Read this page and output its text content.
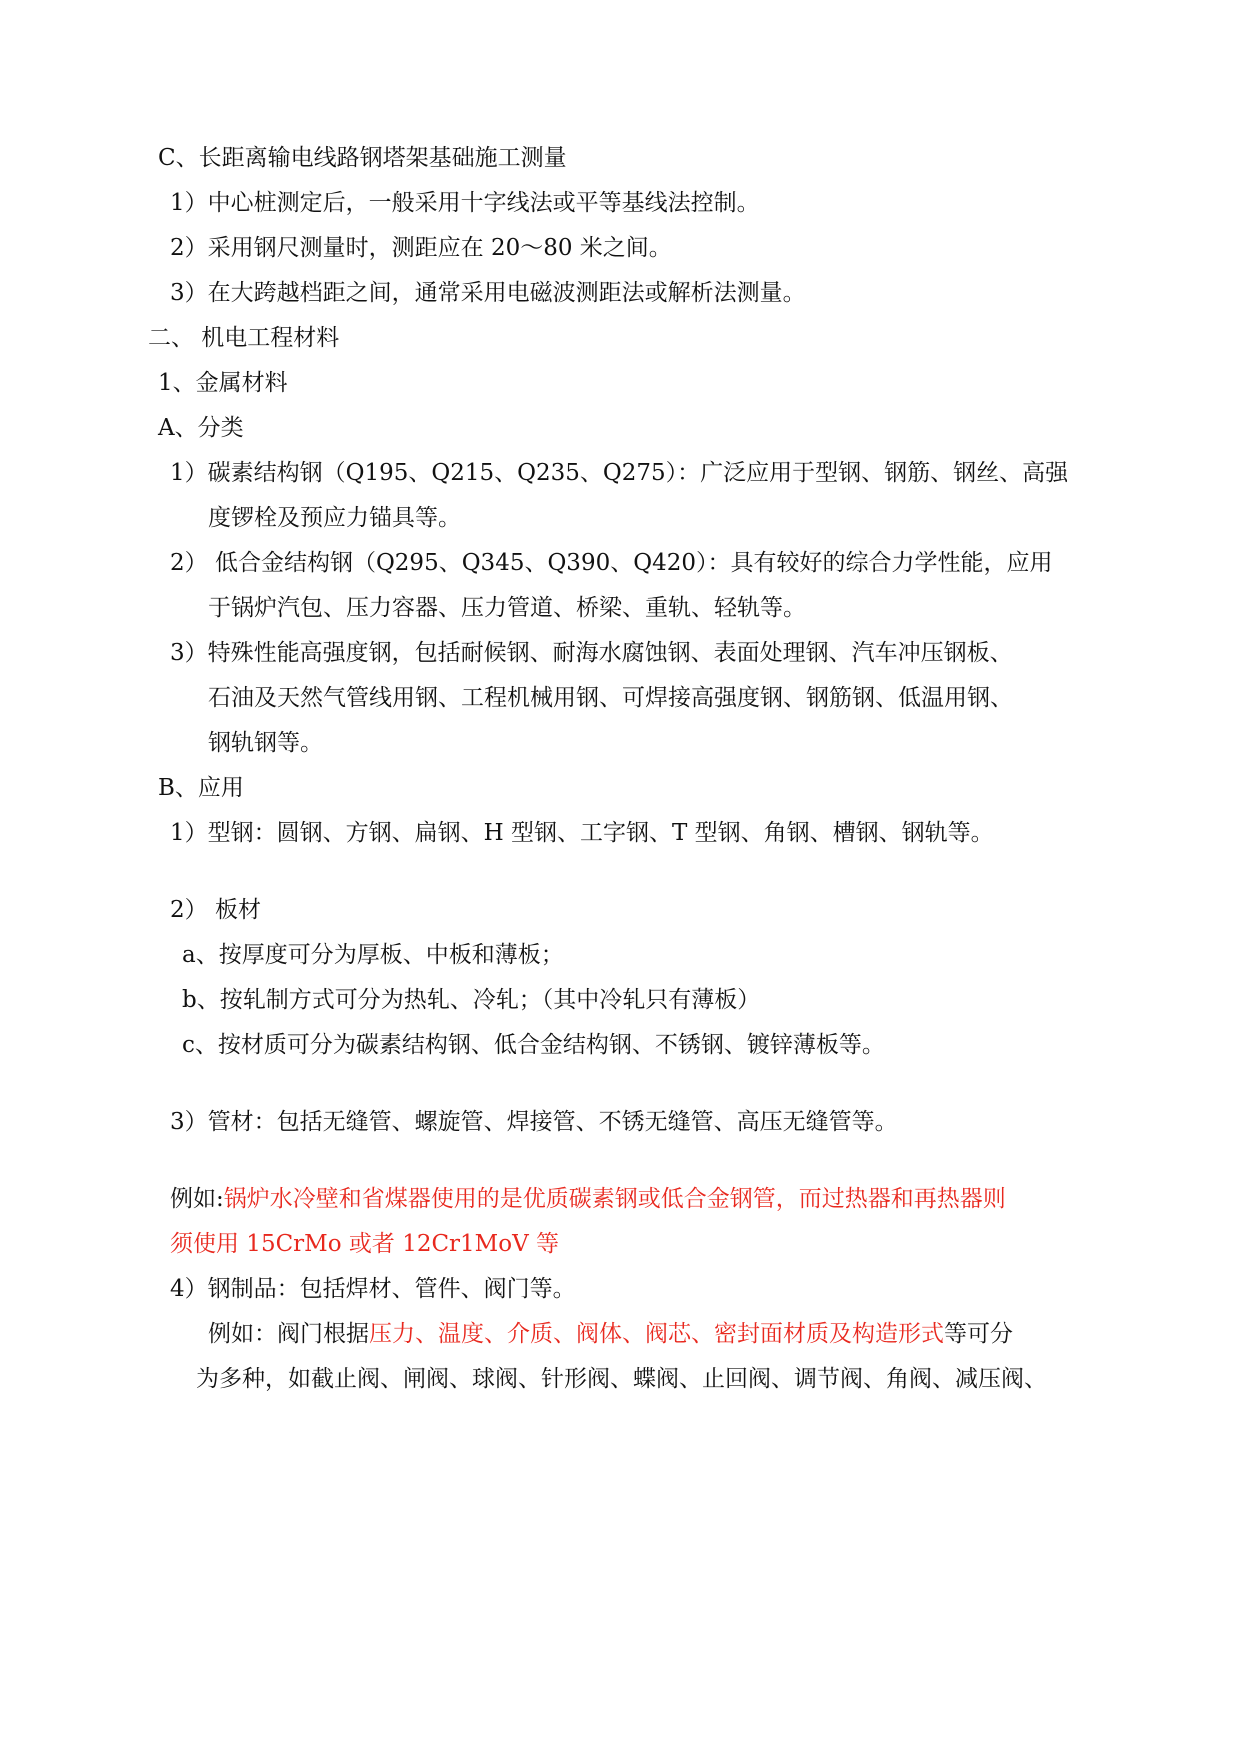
C、长距离输电线路钢塔架基础施工测量
1）中心桩测定后，一般采用十字线法或平等基线法控制。
2）采用钢尺测量时，测距应在 20～80 米之间。
3）在大跨越档距之间，通常采用电磁波测距法或解析法测量。
二、 机电工程材料
1、金属材料
A、分类
1）碳素结构钢（Q195、Q215、Q235、Q275）：广泛应用于型钢、钢筋、钢丝、高强
度锣栓及预应力锚具等。
2） 低合金结构钢（Q295、Q345、Q390、Q420）：具有较好的综合力学性能，应用
于锅炉汽包、压力容器、压力管道、桥梁、重轨、轻轨等。
3）特殊性能高强度钢，包括耐候钢、耐海水腐蚀钢、表面处理钢、汽车冲压钢板、
石油及天然气管线用钢、工程机械用钢、可焊接高强度钢、钢筋钢、低温用钢、
钢轨钢等。
B、应用
1）型钢：圆钢、方钢、扁钢、H 型钢、工字钢、T 型钢、角钢、槽钢、钢轨等。
2） 板材
a、按厚度可分为厚板、中板和薄板；
b、按轧制方式可分为热轧、冷轧；（其中冷轧只有薄板）
c、按材质可分为碳素结构钢、低合金结构钢、不锈钢、镀锌薄板等。
3）管材：包括无缝管、螺旋管、焊接管、不锈无缝管、高压无缝管等。
例如:锅炉水冷壁和省煤器使用的是优质碳素钢或低合金钢管，而过热器和再热器则
须使用 15CrMo 或者 12Cr1MoV 等
4）钢制品：包括焊材、管件、阀门等。
例如：阀门根据压力、温度、介质、阀体、阀芯、密封面材质及构造形式等可分
为多种，如截止阀、闸阀、球阀、针形阀、蝶阀、止回阀、调节阀、角阀、减压阀、
